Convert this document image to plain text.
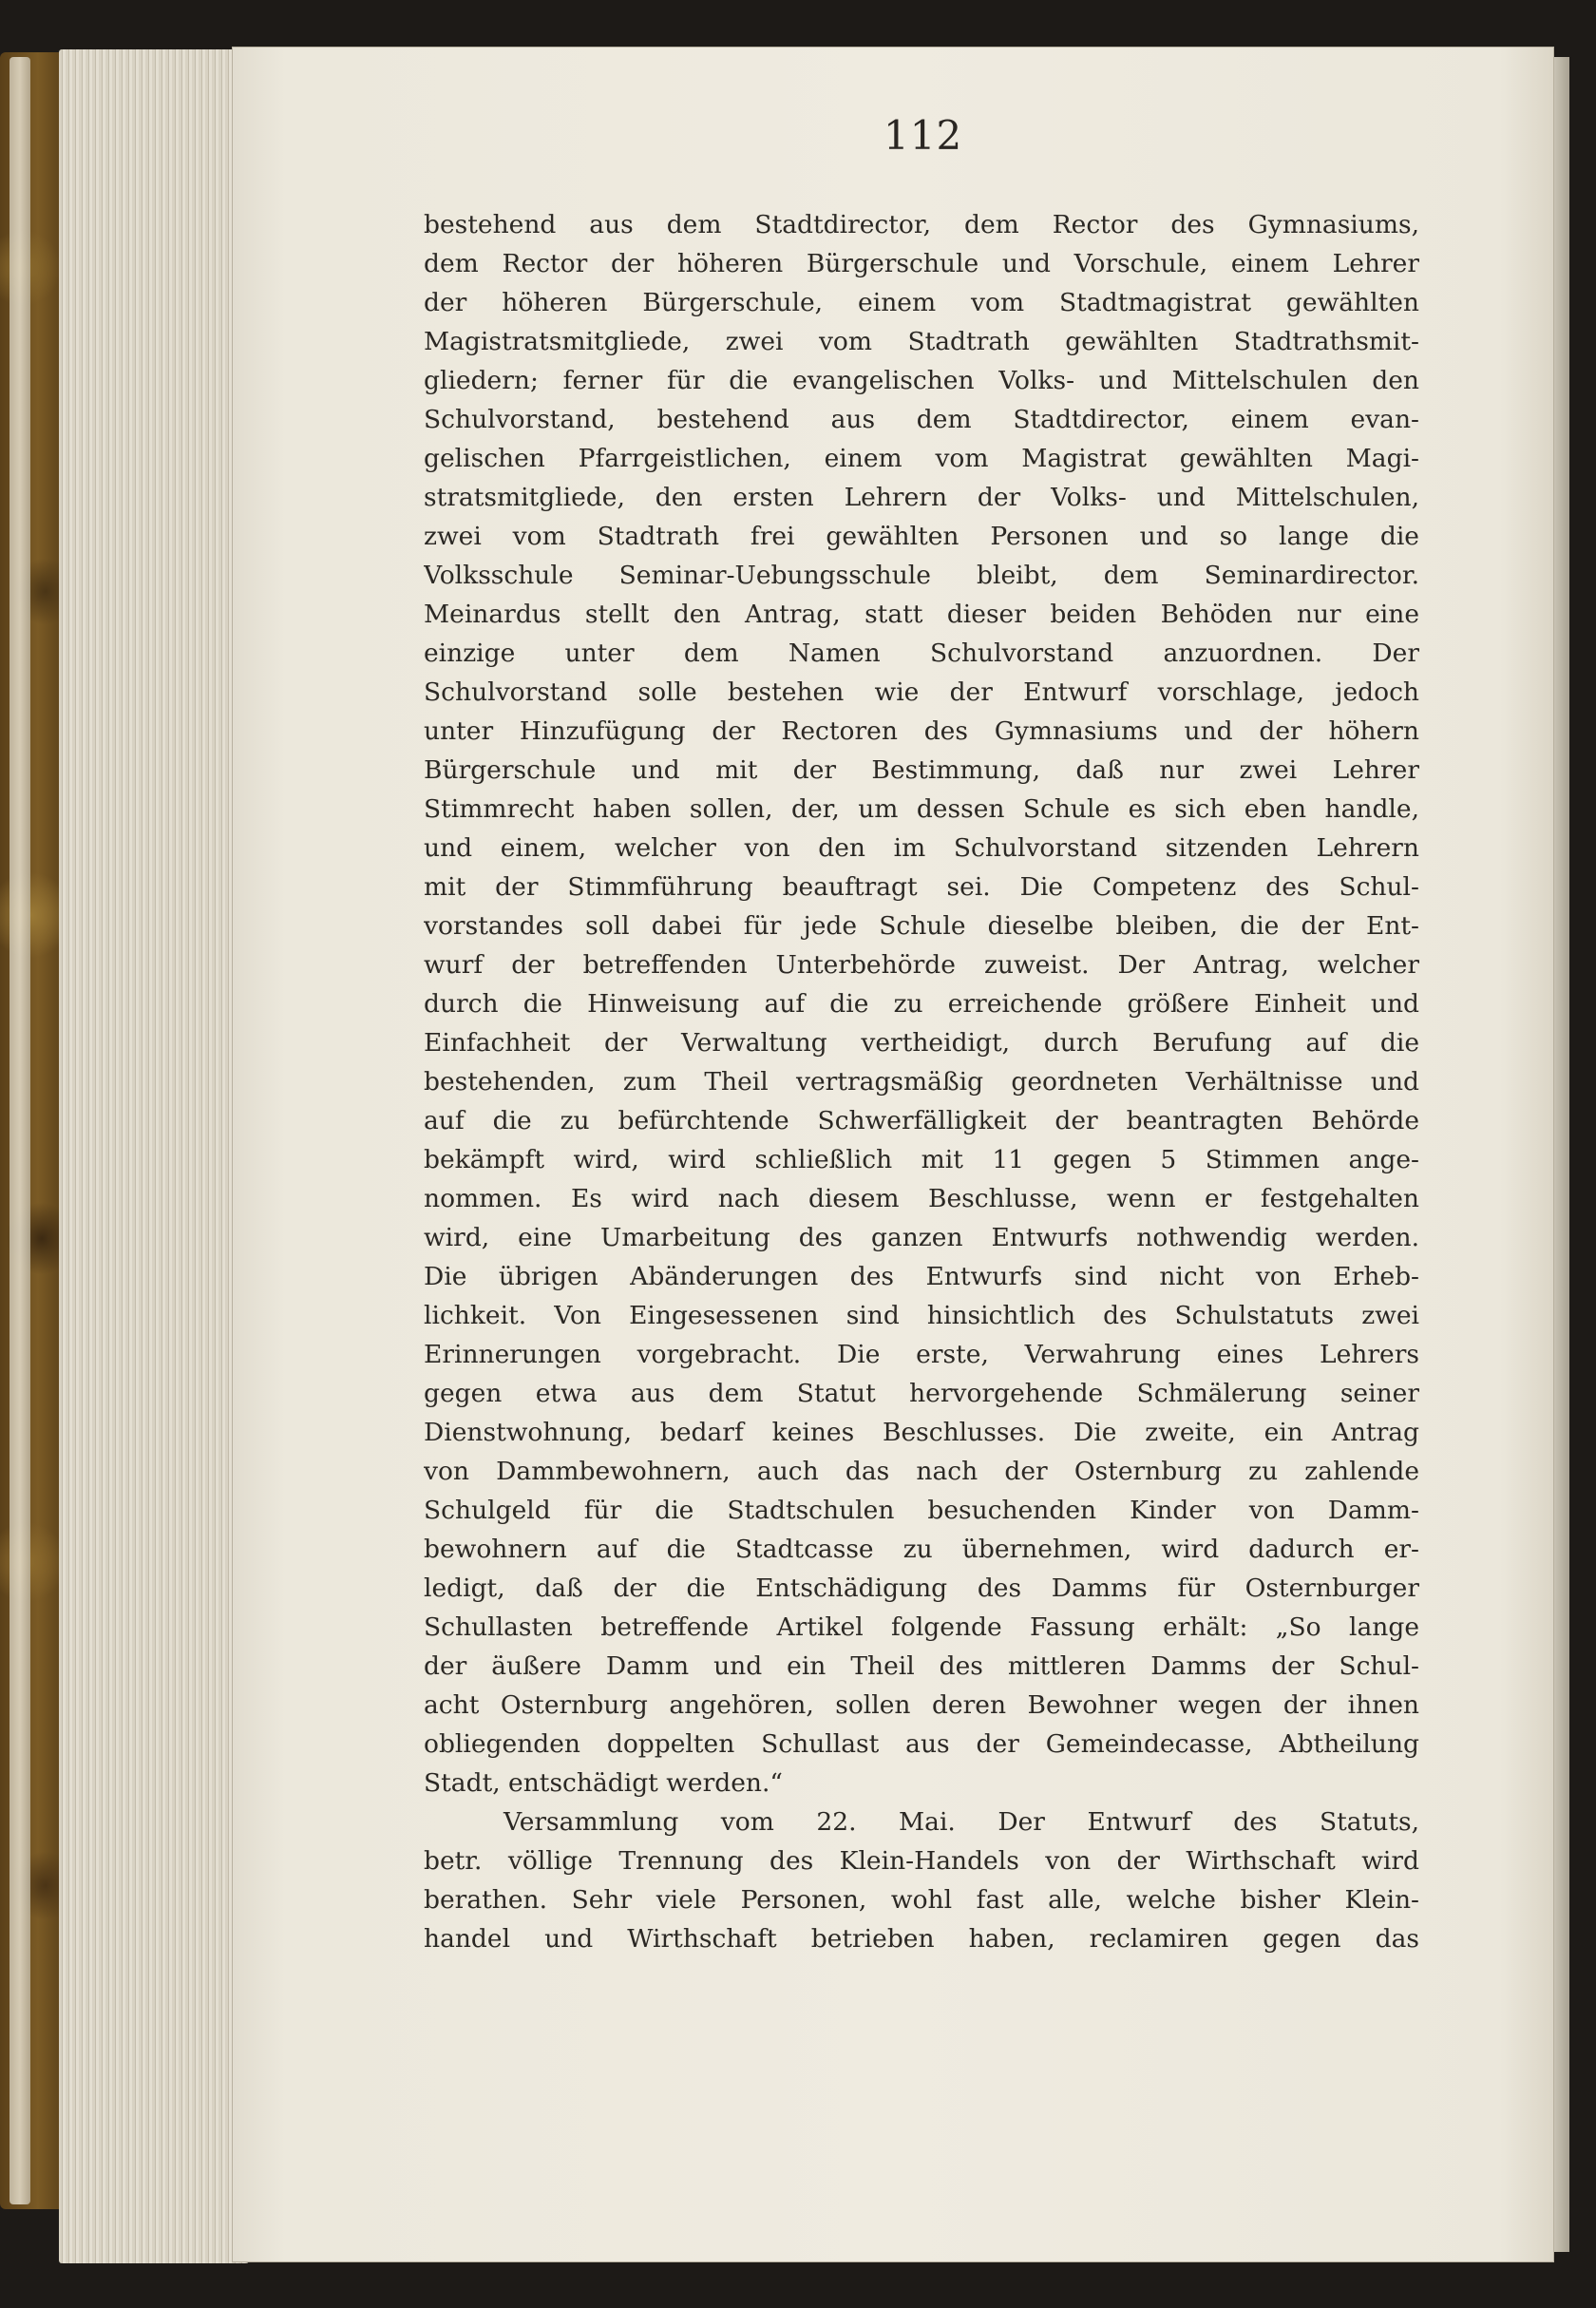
112
bestehend aus dem Stadtdirector, dem Rector des Gymnasiums,
dem Rector der höheren Bürgerschule und Vorschule, einem Lehrer
der höheren Bürgerschule, einem vom Stadtmagistrat gewählten
Magistratsmitgliede, zwei vom Stadtrath gewählten Stadtrathsmit-
gliedern; ferner für die evangelischen Volks- und Mittelschulen den
Schulvorstand, bestehend aus dem Stadtdirector, einem evan-
gelischen Pfarrgeistlichen, einem vom Magistrat gewählten Magi-
stratsmitgliede, den ersten Lehrern der Volks- und Mittelschulen,
zwei vom Stadtrath frei gewählten Personen und so lange die
Volksschule Seminar-Uebungsschule bleibt, dem Seminardirector.
Meinardus stellt den Antrag, statt dieser beiden Behöden nur eine
einzige unter dem Namen Schulvorstand anzuordnen. Der
Schulvorstand solle bestehen wie der Entwurf vorschlage, jedoch
unter Hinzufügung der Rectoren des Gymnasiums und der höhern
Bürgerschule und mit der Bestimmung, daß nur zwei Lehrer
Stimmrecht haben sollen, der, um dessen Schule es sich eben handle,
und einem, welcher von den im Schulvorstand sitzenden Lehrern
mit der Stimmführung beauftragt sei. Die Competenz des Schul-
vorstandes soll dabei für jede Schule dieselbe bleiben, die der Ent-
wurf der betreffenden Unterbehörde zuweist. Der Antrag, welcher
durch die Hinweisung auf die zu erreichende größere Einheit und
Einfachheit der Verwaltung vertheidigt, durch Berufung auf die
bestehenden, zum Theil vertragsmäßig geordneten Verhältnisse und
auf die zu befürchtende Schwerfälligkeit der beantragten Behörde
bekämpft wird, wird schließlich mit 11 gegen 5 Stimmen ange-
nommen. Es wird nach diesem Beschlusse, wenn er festgehalten
wird, eine Umarbeitung des ganzen Entwurfs nothwendig werden.
Die übrigen Abänderungen des Entwurfs sind nicht von Erheb-
lichkeit. Von Eingesessenen sind hinsichtlich des Schulstatuts zwei
Erinnerungen vorgebracht. Die erste, Verwahrung eines Lehrers
gegen etwa aus dem Statut hervorgehende Schmälerung seiner
Dienstwohnung, bedarf keines Beschlusses. Die zweite, ein Antrag
von Dammbewohnern, auch das nach der Osternburg zu zahlende
Schulgeld für die Stadtschulen besuchenden Kinder von Damm-
bewohnern auf die Stadtcasse zu übernehmen, wird dadurch er-
ledigt, daß der die Entschädigung des Damms für Osternburger
Schullasten betreffende Artikel folgende Fassung erhält: „So lange
der äußere Damm und ein Theil des mittleren Damms der Schul-
acht Osternburg angehören, sollen deren Bewohner wegen der ihnen
obliegenden doppelten Schullast aus der Gemeindecasse, Abtheilung
Stadt, entschädigt werden.“
Versammlung vom 22. Mai. Der Entwurf des Statuts,
betr. völlige Trennung des Klein-Handels von der Wirthschaft wird
berathen. Sehr viele Personen, wohl fast alle, welche bisher Klein-
handel und Wirthschaft betrieben haben, reclamiren gegen das
